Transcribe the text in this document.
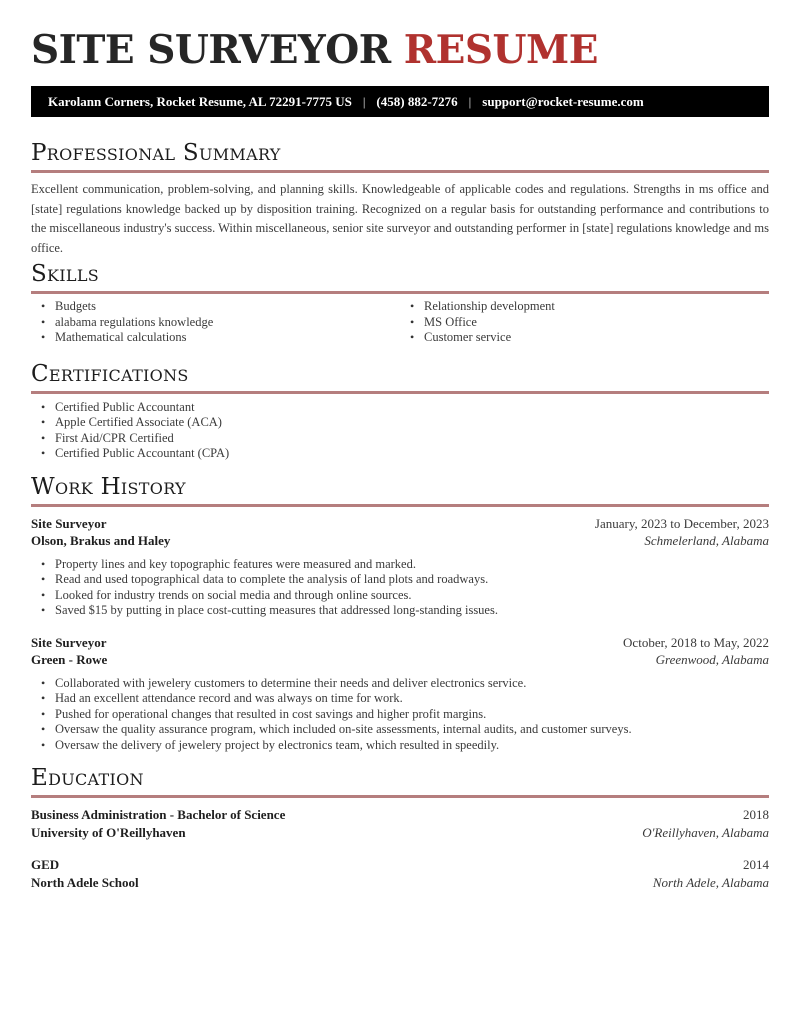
SITE SURVEYOR RESUME
Karolann Corners, Rocket Resume, AL 72291-7775 US | (458) 882-7276 | support@rocket-resume.com
Professional Summary

Excellent communication, problem-solving, and planning skills. Knowledgeable of applicable codes and regulations. Strengths in ms office and [state] regulations knowledge backed up by disposition training. Recognized on a regular basis for outstanding performance and contributions to the miscellaneous industry's success. Within miscellaneous, senior site surveyor and outstanding performer in [state] regulations knowledge and ms office.

Skills
•
Budgets
•
alabama regulations knowledge
•
Mathematical calculations
•
Relationship development
•
MS Office
•
Customer service
Certifications
•
Certified Public Accountant
•
Apple Certified Associate (ACA)
•
First Aid/CPR Certified
•
Certified Public Accountant (CPA)
Work History
Site Surveyor	January, 2023 to December, 2023
Olson, Brakus and Haley	Schmelerland, Alabama
•
Property lines and key topographic features were measured and marked.
•
Read and used topographical data to complete the analysis of land plots and roadways.
•
Looked for industry trends on social media and through online sources.
•
Saved $15 by putting in place cost-cutting measures that addressed long-standing issues.
Site Surveyor	October, 2018 to May, 2022
Green - Rowe	Greenwood, Alabama
•
Collaborated with jewelery customers to determine their needs and deliver electronics service.
•
Had an excellent attendance record and was always on time for work.
•
Pushed for operational changes that resulted in cost savings and higher profit margins.
•
Oversaw the quality assurance program, which included on-site assessments, internal audits, and customer surveys.
•
Oversaw the delivery of jewelery project by electronics team, which resulted in speedily.
Education
Business Administration - Bachelor of Science	2018
University of O'Reillyhaven	O'Reillyhaven, Alabama
GED	2014
North Adele School	North Adele, Alabama
